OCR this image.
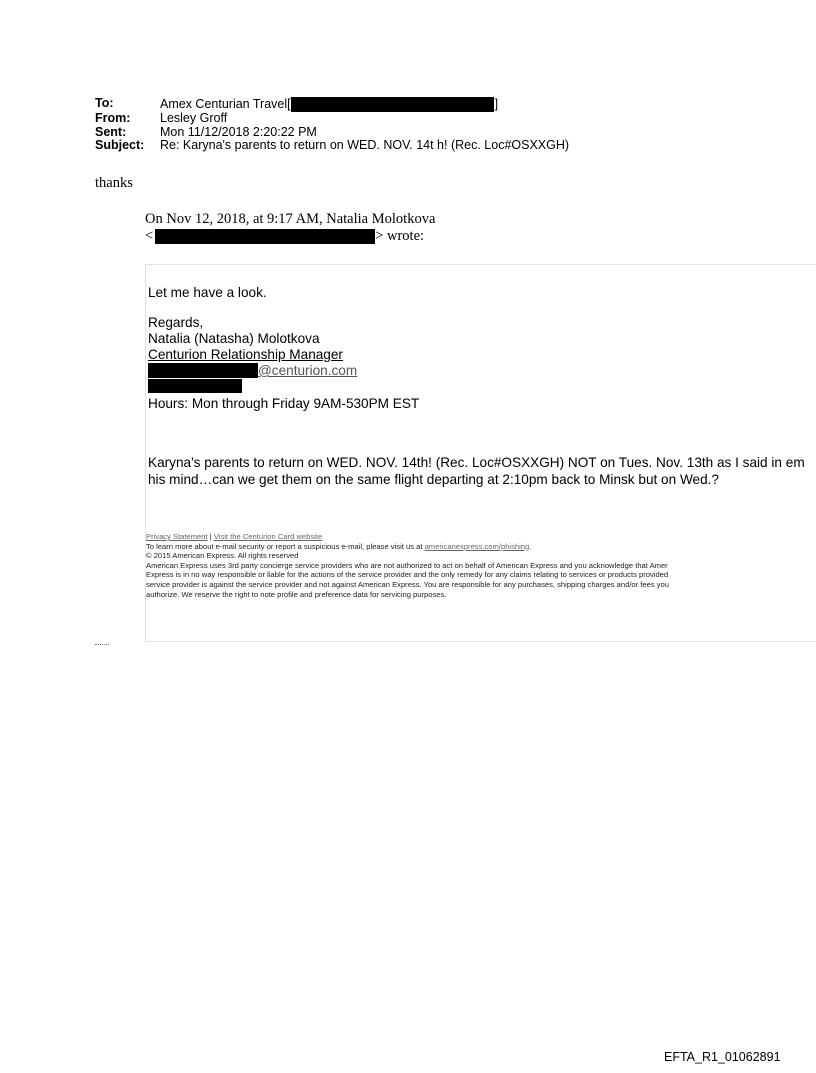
To:	Amex Centurian Travel[	]
From:	Lesley Groff
Sent:	Mon 11/12/2018 2:20:22 PM
Subject:	Re: Karyna's parents to return on WED. NOV. 14t h! (Rec. Loc#OSXXGH)
thanks
On Nov 12, 2018, at 9:17 AM, Natalia Molotkova
<	> wrote:
Let me have a look.
Regards,
Natalia (Natasha) Molotkova
Centurion Relationship Manager
@centurion.com
Hours: Mon through Friday 9AM-530PM EST
Karyna's parents to return on WED. NOV. 14th! (Rec. Loc#OSXXGH) NOT on Tues. Nov. 13th as I said in em
his mind…can we get them on the same flight departing at 2:10pm back to Minsk but on Wed.?
Privacy Statement | Visit the Centurion Card website
To learn more about e-mail security or report a suspicious e-mail, please visit us at americanexpress.com/phishing.
© 2015 American Express. All rights reserved
American Express uses 3rd party concierge service providers who are not authorized to act on behalf of American Express and you acknowledge that Amer
Express is in no way responsible or liable for the actions of the service provider and the only remedy for any claims relating to services or products provided
service provider is against the service provider and not against American Express. You are responsible for any purchases, shipping charges and/or fees you
authorize. We reserve the right to note profile and preference data for servicing purposes.
EFTA_R1_01062891
